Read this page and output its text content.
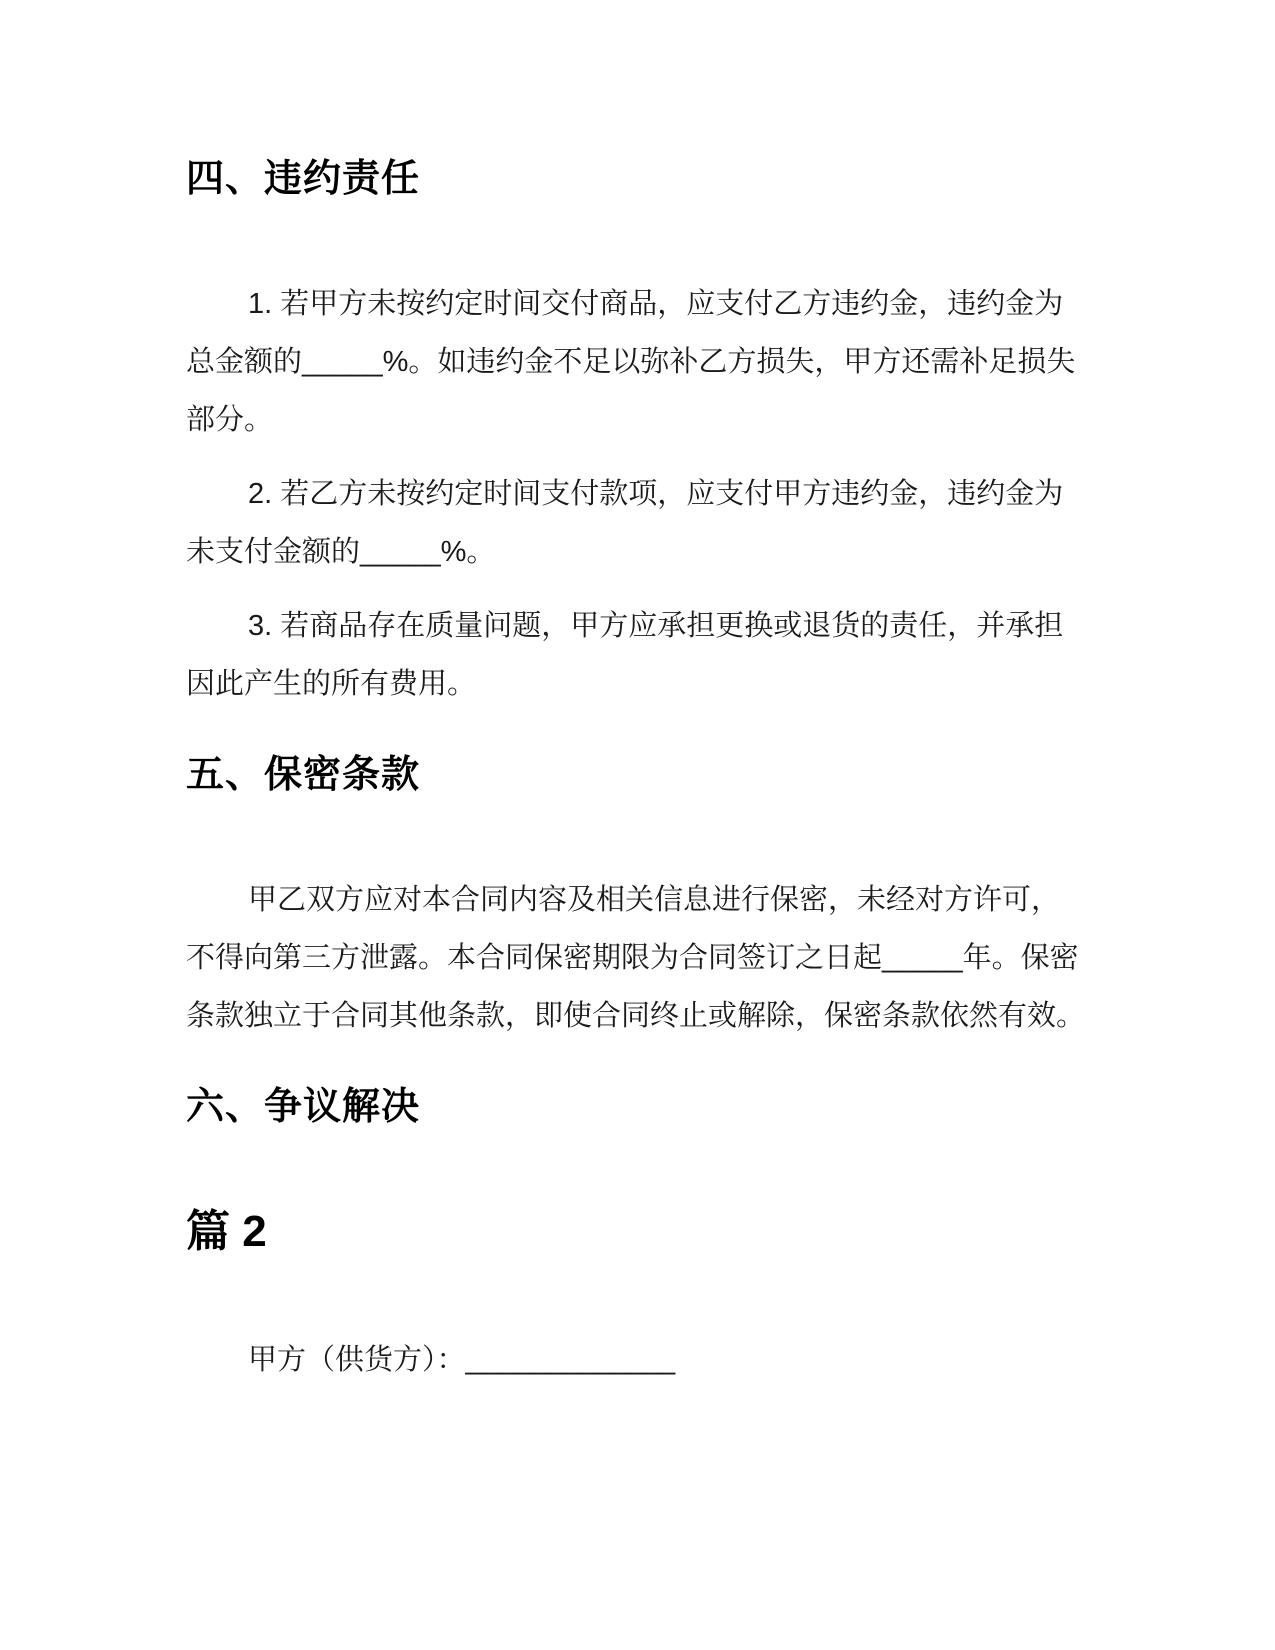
四、违约责任

1. 若甲方未按约定时间交付商品，应支付乙方违约金，违约金为总金额的_____%。如违约金不足以弥补乙方损失，甲方还需补足损失部分。

2. 若乙方未按约定时间支付款项，应支付甲方违约金，违约金为未支付金额的_____%。

3. 若商品存在质量问题，甲方应承担更换或退货的责任，并承担因此产生的所有费用。

五、保密条款

甲乙双方应对本合同内容及相关信息进行保密，未经对方许可，不得向第三方泄露。本合同保密期限为合同签订之日起_____年。保密条款独立于合同其他条款，即使合同终止或解除，保密条款依然有效。

六、争议解决
篇 2

甲方（供货方）：_____________
